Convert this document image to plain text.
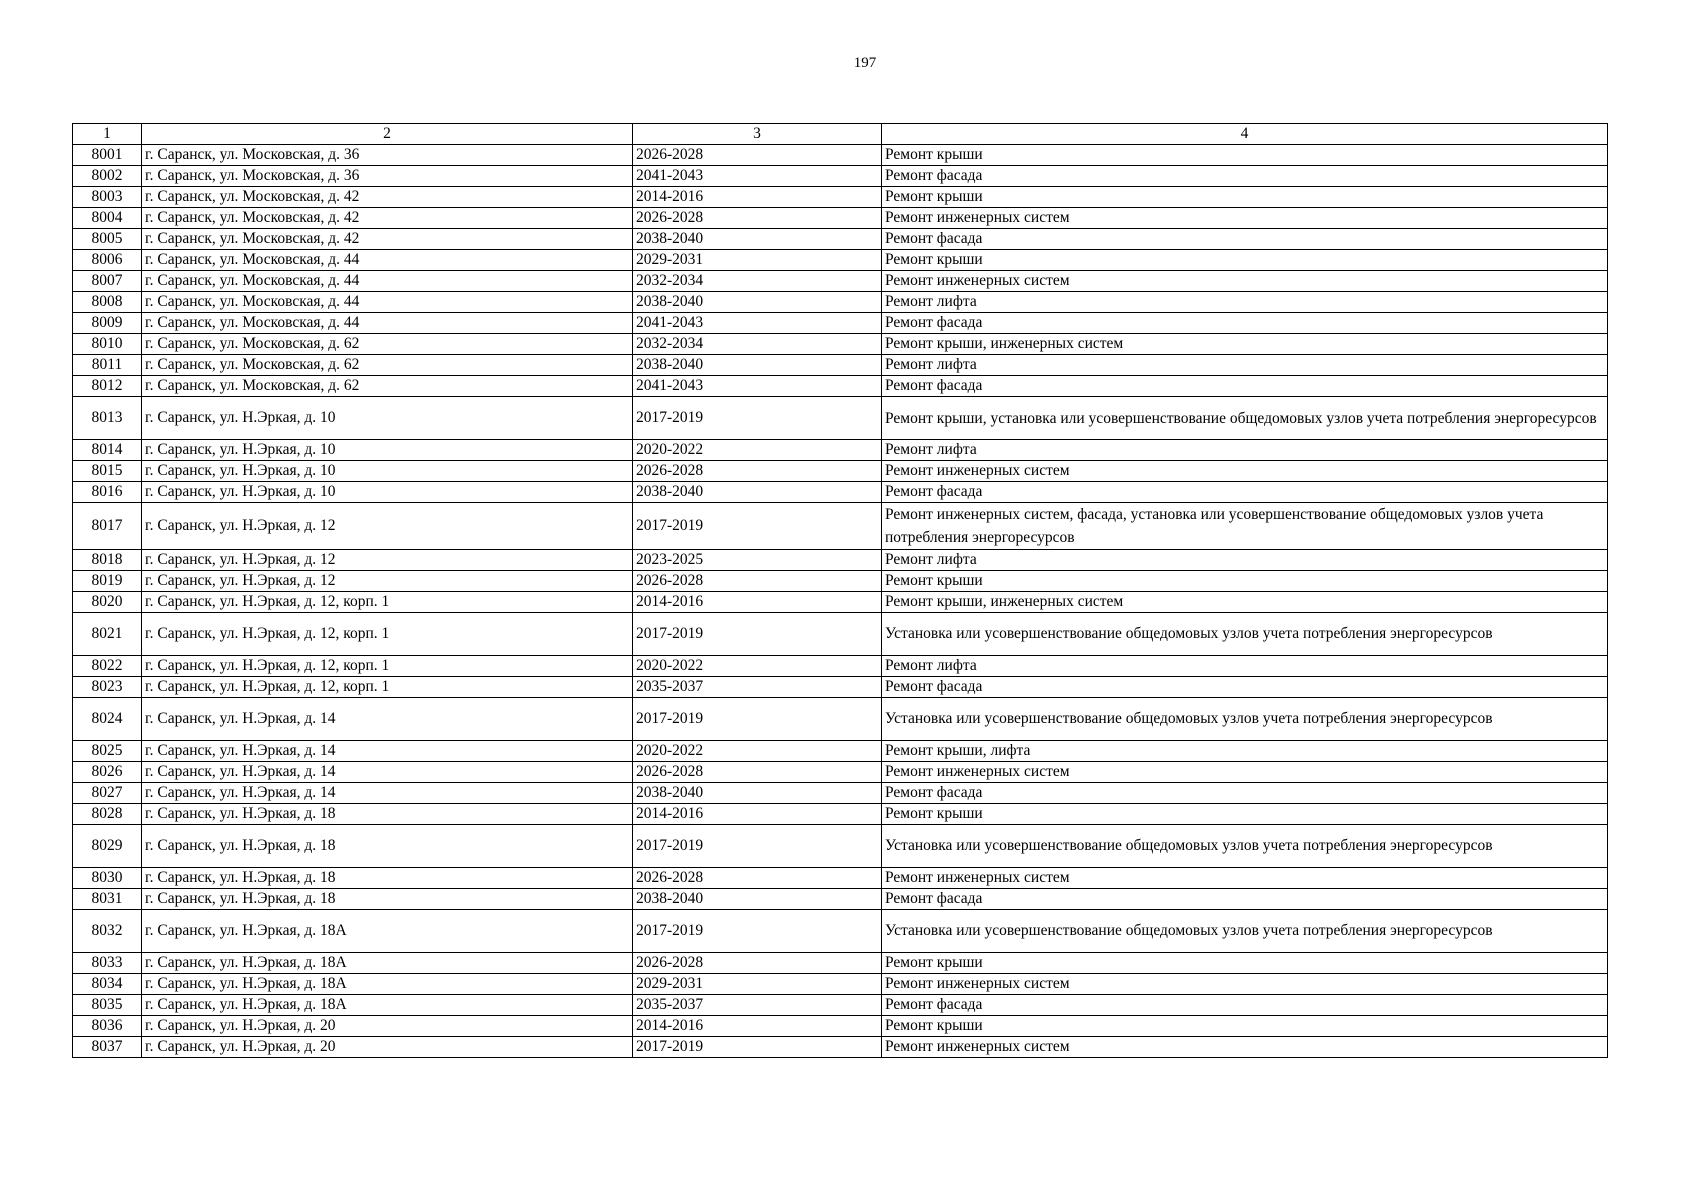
197
1	2	3	4
8001	г. Саранск, ул. Московская, д. 36	2026-2028	Ремонт крыши
8002	г. Саранск, ул. Московская, д. 36	2041-2043	Ремонт фасада
8003	г. Саранск, ул. Московская, д. 42	2014-2016	Ремонт крыши
8004	г. Саранск, ул. Московская, д. 42	2026-2028	Ремонт инженерных систем
8005	г. Саранск, ул. Московская, д. 42	2038-2040	Ремонт фасада
8006	г. Саранск, ул. Московская, д. 44	2029-2031	Ремонт крыши
8007	г. Саранск, ул. Московская, д. 44	2032-2034	Ремонт инженерных систем
8008	г. Саранск, ул. Московская, д. 44	2038-2040	Ремонт лифта
8009	г. Саранск, ул. Московская, д. 44	2041-2043	Ремонт фасада
8010	г. Саранск, ул. Московская, д. 62	2032-2034	Ремонт крыши, инженерных систем
8011	г. Саранск, ул. Московская, д. 62	2038-2040	Ремонт лифта
8012	г. Саранск, ул. Московская, д. 62	2041-2043	Ремонт фасада
8013	г. Саранск, ул. Н.Эркая, д. 10	2017-2019	Ремонт крыши, установка или усовершенствование общедомовых узлов учета потребления энергоресурсов
8014	г. Саранск, ул. Н.Эркая, д. 10	2020-2022	Ремонт лифта
8015	г. Саранск, ул. Н.Эркая, д. 10	2026-2028	Ремонт инженерных систем
8016	г. Саранск, ул. Н.Эркая, д. 10	2038-2040	Ремонт фасада
8017	г. Саранск, ул. Н.Эркая, д. 12	2017-2019	Ремонт инженерных систем, фасада, установка или усовершенствование общедомовых узлов учета потребления энергоресурсов
8018	г. Саранск, ул. Н.Эркая, д. 12	2023-2025	Ремонт лифта
8019	г. Саранск, ул. Н.Эркая, д. 12	2026-2028	Ремонт крыши
8020	г. Саранск, ул. Н.Эркая, д. 12, корп. 1	2014-2016	Ремонт крыши, инженерных систем
8021	г. Саранск, ул. Н.Эркая, д. 12, корп. 1	2017-2019	Установка или усовершенствование общедомовых узлов учета потребления энергоресурсов
8022	г. Саранск, ул. Н.Эркая, д. 12, корп. 1	2020-2022	Ремонт лифта
8023	г. Саранск, ул. Н.Эркая, д. 12, корп. 1	2035-2037	Ремонт фасада
8024	г. Саранск, ул. Н.Эркая, д. 14	2017-2019	Установка или усовершенствование общедомовых узлов учета потребления энергоресурсов
8025	г. Саранск, ул. Н.Эркая, д. 14	2020-2022	Ремонт крыши, лифта
8026	г. Саранск, ул. Н.Эркая, д. 14	2026-2028	Ремонт инженерных систем
8027	г. Саранск, ул. Н.Эркая, д. 14	2038-2040	Ремонт фасада
8028	г. Саранск, ул. Н.Эркая, д. 18	2014-2016	Ремонт крыши
8029	г. Саранск, ул. Н.Эркая, д. 18	2017-2019	Установка или усовершенствование общедомовых узлов учета потребления энергоресурсов
8030	г. Саранск, ул. Н.Эркая, д. 18	2026-2028	Ремонт инженерных систем
8031	г. Саранск, ул. Н.Эркая, д. 18	2038-2040	Ремонт фасада
8032	г. Саранск, ул. Н.Эркая, д. 18А	2017-2019	Установка или усовершенствование общедомовых узлов учета потребления энергоресурсов
8033	г. Саранск, ул. Н.Эркая, д. 18А	2026-2028	Ремонт крыши
8034	г. Саранск, ул. Н.Эркая, д. 18А	2029-2031	Ремонт инженерных систем
8035	г. Саранск, ул. Н.Эркая, д. 18А	2035-2037	Ремонт фасада
8036	г. Саранск, ул. Н.Эркая, д. 20	2014-2016	Ремонт крыши
8037	г. Саранск, ул. Н.Эркая, д. 20	2017-2019	Ремонт инженерных систем
